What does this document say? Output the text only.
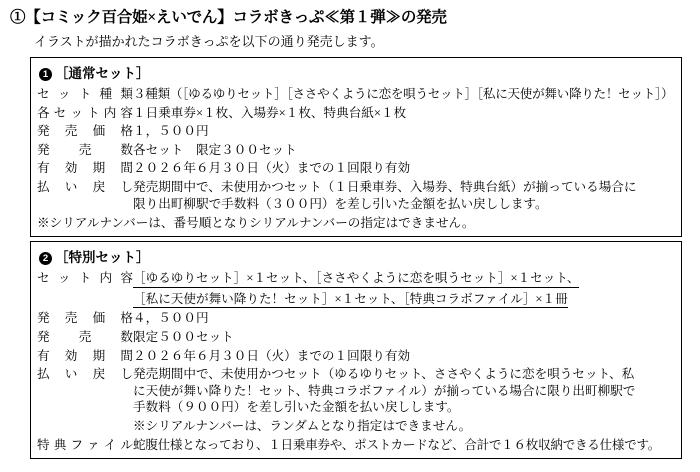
①【コミック百合姫×えいでん】コラボきっぷ≪第１弾≫の発売
イラストが描かれたコラボきっぷを以下の通り発売します。
1 ［通常セット］
セット種類	３種類（［ゆるゆりセット］［ささやくように恋を唄うセット］［私に天使が舞い降りた！セット］）

各セット内容	１日乗車券×１枚、入場券×１枚、特典台紙×１枚

発売価格	１，５００円

発売数	各セット　限定３００セット

有効期間	２０２６年６月３０日（火）までの１回限り有効

払い戻し	発売期間中で、未使用かつセット（１日乗車券、入場券、特典台紙）が揃っている場合に
限り出町柳駅で手数料（３００円）を差し引いた金額を払い戻しします。
※シリアルナンバーは、番号順となりシリアルナンバーの指定はできません。
2 ［特別セット］
セット内容	［ゆるゆりセット］×１セット、［ささやくように恋を唄うセット］×１セット、
［私に天使が舞い降りた！セット］×１セット、［特典コラボファイル］×１冊

発売価格	４，５００円

発売数	限定５００セット

有効期間	２０２６年６月３０日（火）までの１回限り有効

払い戻し	発売期間中で、未使用かつセット（ゆるゆりセット、ささやくように恋を唄うセット、私
に天使が舞い降りた！セット、特典コラボファイル）が揃っている場合に限り出町柳駅で
手数料（９００円）を差し引いた金額を払い戻しします。

	※シリアルナンバーは、ランダムとなり指定はできません。
特典ファイル	蛇腹仕様となっており、１日乗車券や、ポストカードなど、合計で１６枚収納できる仕様です。
